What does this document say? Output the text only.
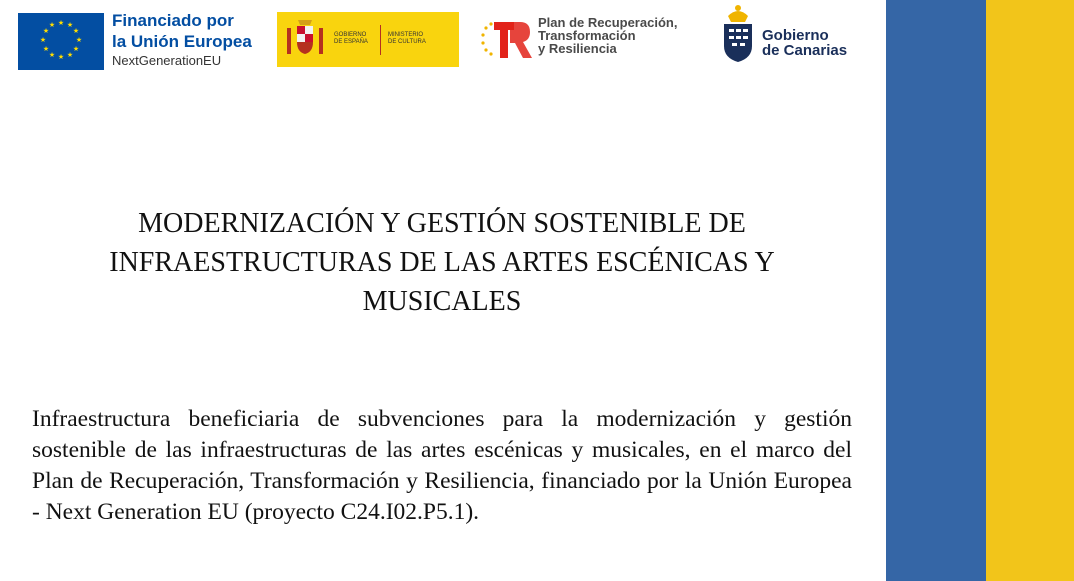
★ ★
★
★
★
★
★
★
★
★
★
★	Financiado por
la Unión Europea
NextGenerationEU
GOBIERNO
DE ESPAÑA
MINISTERIO
DE CULTURA
Plan de Recuperación,
Transformación
y Resiliencia
Gobierno
de Canarias
MODERNIZACIÓN Y GESTIÓN SOSTENIBLE DE INFRAESTRUCTURAS DE LAS ARTES ESCÉNICAS Y MUSICALES
Infraestructura beneficiaria de subvenciones para la modernización y gestión sostenible de las infraestructuras de las artes escénicas y musicales, en el marco del Plan de Recuperación, Transformación y Resiliencia, financiado por la Unión Europea - Next Generation EU (proyecto C24.I02.P5.1).
